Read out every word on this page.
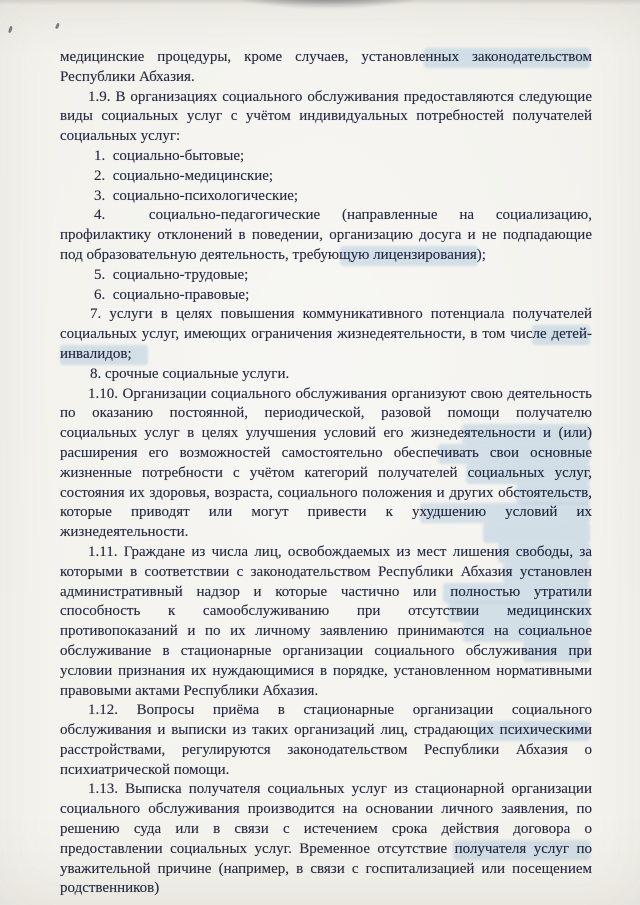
медицинские процедуры, кроме случаев, установленных законодательством Республики Абхазия.

1.9. В организациях социального обслуживания предоставляются следующие виды социальных услуг с учётом индивидуальных потребностей получателей социальных услуг:

1.  социально-бытовые;

2.  социально-медицинские;

3.  социально-психологические;

4.  социально-педагогические (направленные на социализацию, профилактику отклонений в поведении, организацию досуга и не подпадающие под образовательную деятельность, требующую лицензирования);

5.  социально-трудовые;

6.  социально-правовые;

7. услуги в целях повышения коммуникативного потенциала получателей социальных услуг, имеющих ограничения жизнедеятельности, в том числе детей-инвалидов;

8. срочные социальные услуги.

1.10. Организации социального обслуживания организуют свою деятельность по оказанию постоянной, периодической, разовой помощи получателю социальных услуг в целях улучшения условий его жизнедеятельности и (или) расширения его возможностей самостоятельно обеспечивать свои основные жизненные потребности с учётом категорий получателей социальных услуг, состояния их здоровья, возраста, социального положения и других обстоятельств, которые приводят или могут привести к ухудшению условий их жизнедеятельности.

1.11. Граждане из числа лиц, освобождаемых из мест лишения свободы, за которыми в соответствии с законодательством Республики Абхазия установлен административный надзор и которые частично или полностью утратили способность к самообслуживанию при отсутствии медицинских противопоказаний и по их личному заявлению принимаются на социальное обслуживание в стационарные организации социального обслуживания при условии признания их нуждающимися в порядке, установленном нормативными правовыми актами Республики Абхазия.

1.12. Вопросы приёма в стационарные организации социального обслуживания и выписки из таких организаций лиц, страдающих психическими расстройствами, регулируются законодательством Республики Абхазия о психиатрической помощи.

1.13. Выписка получателя социальных услуг из стационарной организации социального обслуживания производится на основании личного заявления, по решению суда или в связи с истечением срока действия договора о предоставлении социальных услуг. Временное отсутствие получателя услуг по уважительной причине (например, в связи с госпитализацией или посещением родственников)
